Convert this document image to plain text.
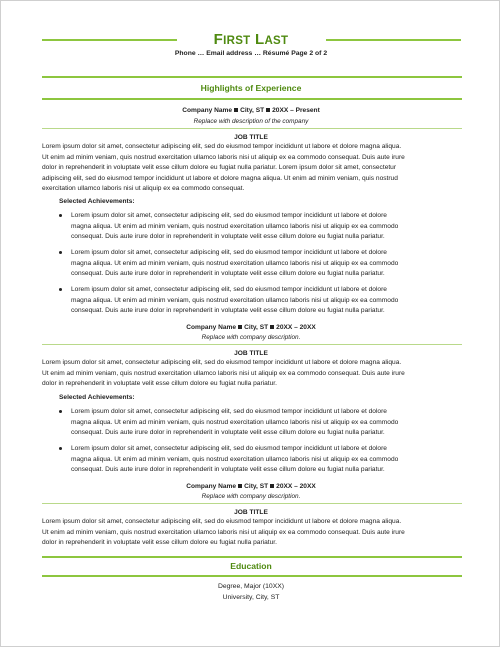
FIRST LAST
Phone … Email address … Résumé Page 2 of 2
Highlights of Experience
Company Name City, ST 20XX – Present
Replace with description of the company
JOB TITLE
Lorem ipsum dolor sit amet, consectetur adipiscing elit, sed do eiusmod tempor incididunt ut labore et dolore magna aliqua.
Ut enim ad minim veniam, quis nostrud exercitation ullamco laboris nisi ut aliquip ex ea commodo consequat. Duis aute irure
dolor in reprehenderit in voluptate velit esse cillum dolore eu fugiat nulla pariatur. Lorem ipsum dolor sit amet, consectetur
adipiscing elit, sed do eiusmod tempor incididunt ut labore et dolore magna aliqua. Ut enim ad minim veniam, quis nostrud
exercitation ullamco laboris nisi ut aliquip ex ea commodo consequat.
Selected Achievements:
Lorem ipsum dolor sit amet, consectetur adipiscing elit, sed do eiusmod tempor incididunt ut labore et dolore
magna aliqua. Ut enim ad minim veniam, quis nostrud exercitation ullamco laboris nisi ut aliquip ex ea commodo
consequat. Duis aute irure dolor in reprehenderit in voluptate velit esse cillum dolore eu fugiat nulla pariatur.
Lorem ipsum dolor sit amet, consectetur adipiscing elit, sed do eiusmod tempor incididunt ut labore et dolore
magna aliqua. Ut enim ad minim veniam, quis nostrud exercitation ullamco laboris nisi ut aliquip ex ea commodo
consequat. Duis aute irure dolor in reprehenderit in voluptate velit esse cillum dolore eu fugiat nulla pariatur.
Lorem ipsum dolor sit amet, consectetur adipiscing elit, sed do eiusmod tempor incididunt ut labore et dolore
magna aliqua. Ut enim ad minim veniam, quis nostrud exercitation ullamco laboris nisi ut aliquip ex ea commodo
consequat. Duis aute irure dolor in reprehenderit in voluptate velit esse cillum dolore eu fugiat nulla pariatur.
Company Name City, ST 20XX – 20XX
Replace with company description.
JOB TITLE
Lorem ipsum dolor sit amet, consectetur adipiscing elit, sed do eiusmod tempor incididunt ut labore et dolore magna aliqua.
Ut enim ad minim veniam, quis nostrud exercitation ullamco laboris nisi ut aliquip ex ea commodo consequat. Duis aute irure
dolor in reprehenderit in voluptate velit esse cillum dolore eu fugiat nulla pariatur.
Selected Achievements:
Lorem ipsum dolor sit amet, consectetur adipiscing elit, sed do eiusmod tempor incididunt ut labore et dolore
magna aliqua. Ut enim ad minim veniam, quis nostrud exercitation ullamco laboris nisi ut aliquip ex ea commodo
consequat. Duis aute irure dolor in reprehenderit in voluptate velit esse cillum dolore eu fugiat nulla pariatur.
Lorem ipsum dolor sit amet, consectetur adipiscing elit, sed do eiusmod tempor incididunt ut labore et dolore
magna aliqua. Ut enim ad minim veniam, quis nostrud exercitation ullamco laboris nisi ut aliquip ex ea commodo
consequat. Duis aute irure dolor in reprehenderit in voluptate velit esse cillum dolore eu fugiat nulla pariatur.
Company Name City, ST 20XX – 20XX
Replace with company description.
JOB TITLE
Lorem ipsum dolor sit amet, consectetur adipiscing elit, sed do eiusmod tempor incididunt ut labore et dolore magna aliqua.
Ut enim ad minim veniam, quis nostrud exercitation ullamco laboris nisi ut aliquip ex ea commodo consequat. Duis aute irure
dolor in reprehenderit in voluptate velit esse cillum dolore eu fugiat nulla pariatur.
Education
Degree, Major (10XX)
University, City, ST
